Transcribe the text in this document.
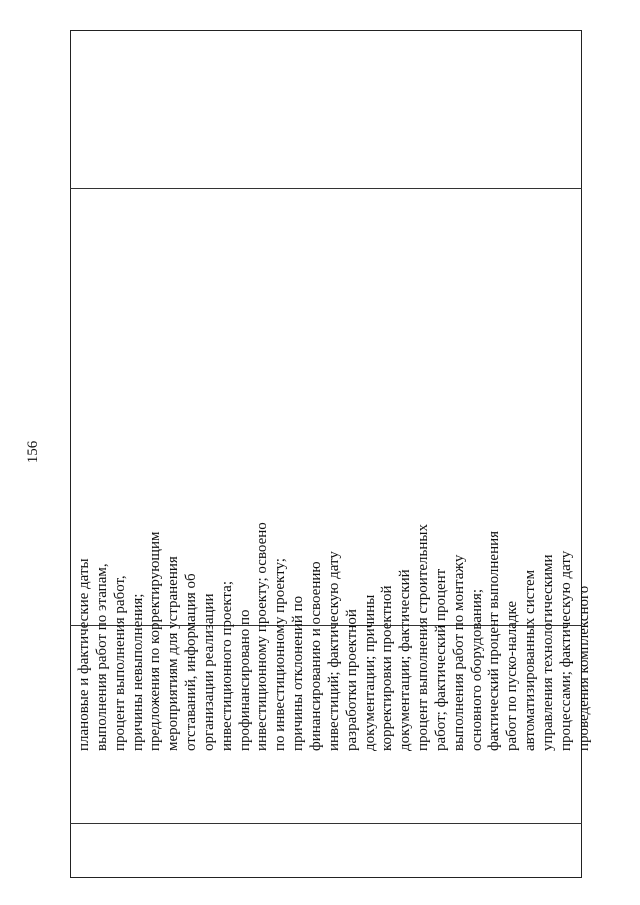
156
плановые и фактические даты выполнения работ по этапам, процент выполнения работ, причины невыполнения; предложения по корректирующим мероприятиям для устранения отставаний, информация об организации реализации инвестиционного проекта; профинансировано по инвестиционному проекту; освоено по инвестиционному проекту; причины отклонений по финансированию и освоению инвестиций; фактическую дату разработки проектной документации; причины корректировки проектной документации; фактический процент выполнения строительных работ; фактический процент выполнения работ по монтажу основного оборудования; фактический процент выполнения работ по пуско-наладке автоматизированных систем управления технологическими процессами; фактическую дату проведения комплексного
